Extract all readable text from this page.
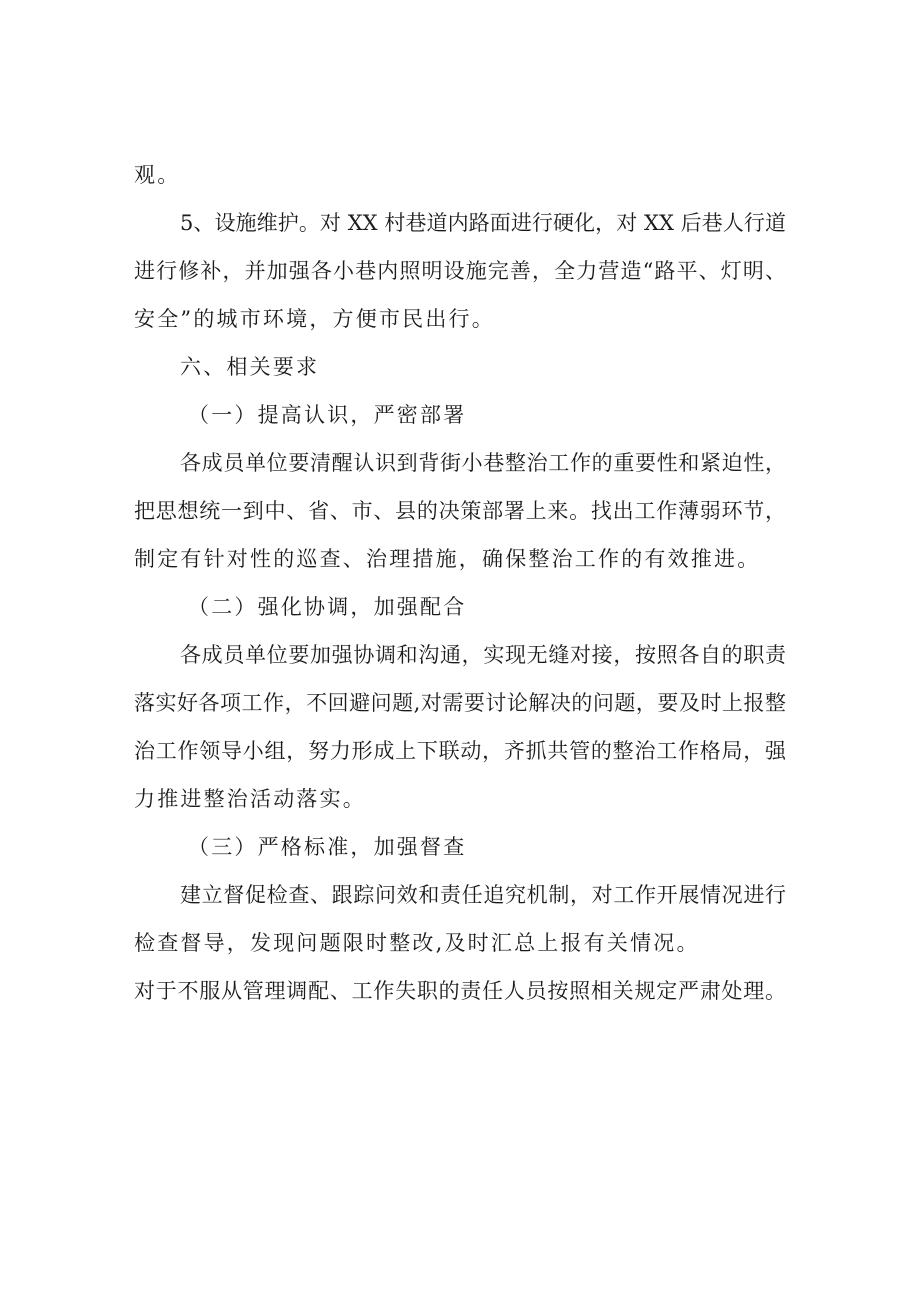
观。
5、设施维护。对 XX 村巷道内路面进行硬化，对 XX 后巷人行道
进行修补，并加强各小巷内照明设施完善，全力营造“路平、灯明、
安全”的城市环境，方便市民出行。
六、相关要求
（一）提高认识，严密部署
各成员单位要清醒认识到背街小巷整治工作的重要性和紧迫性，
把思想统一到中、省、市、县的决策部署上来。找出工作薄弱环节，
制定有针对性的巡查、治理措施，确保整治工作的有效推进。
（二）强化协调，加强配合
各成员单位要加强协调和沟通，实现无缝对接，按照各自的职责
落实好各项工作，不回避问题,对需要讨论解决的问题，要及时上报整
治工作领导小组，努力形成上下联动，齐抓共管的整治工作格局，强
力推进整治活动落实。
（三）严格标准，加强督查
建立督促检查、跟踪问效和责任追究机制，对工作开展情况进行
检查督导，发现问题限时整改,及时汇总上报有关情况。
对于不服从管理调配、工作失职的责任人员按照相关规定严肃处理。
